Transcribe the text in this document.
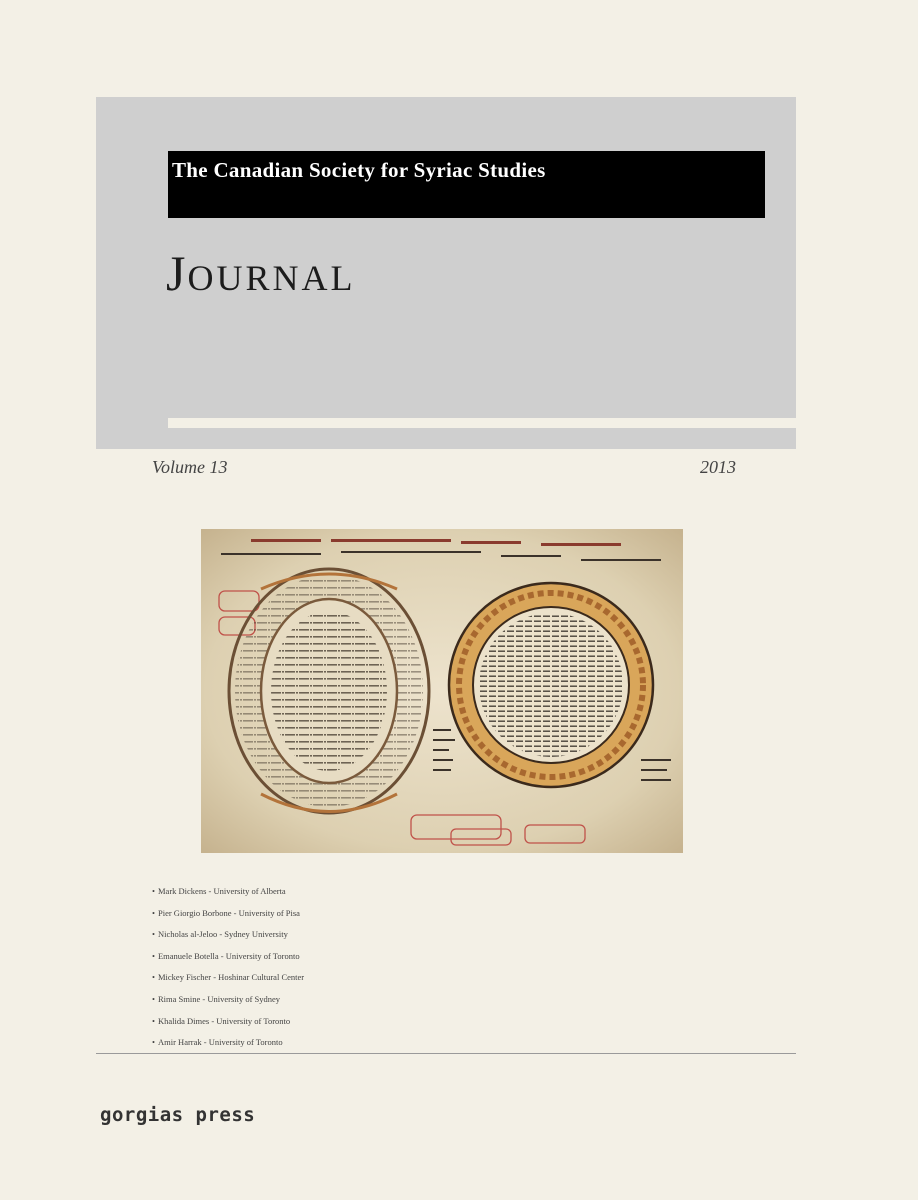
The Canadian Society for Syriac Studies
JOURNAL
Volume 13	2013
• Mark Dickens - University of Alberta
• Pier Giorgio Borbone - University of Pisa
• Nicholas al-Jeloo - Sydney University
• Emanuele Botella - University of Toronto
• Mickey Fischer - Hoshinar Cultural Center
• Rima Smine - University of Sydney
• Khalida Dimes - University of Toronto
• Amir Harrak - University of Toronto
gorgias press
